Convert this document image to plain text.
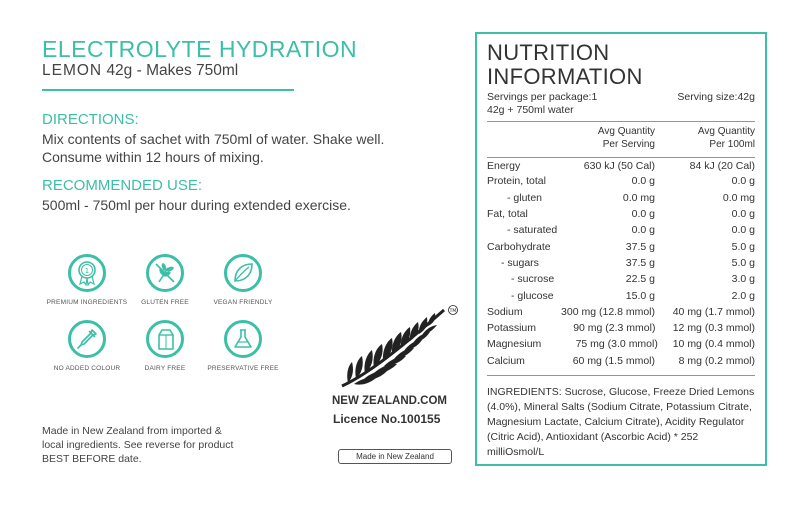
ELECTROLYTE HYDRATION
LEMON 42g - Makes 750ml
DIRECTIONS:
Mix contents of sachet with 750ml of water. Shake well.
Consume within 12 hours of mixing.
RECOMMENDED USE:
500ml - 750ml per hour during extended exercise.
1
PREMIUM INGREDIENTS	GLUTEN FREE	VEGAN FRIENDLY
NO ADDED COLOUR	DAIRY FREE	PRESERVATIVE FREE
Made in New Zealand from imported &
local ingredients. See reverse for product
BEST BEFORE date.
TM
NEW ZEALAND.COM
Licence No.100155
Made in New Zealand
NUTRITION INFORMATION
Servings per package:1	Serving size:42g
42g + 750ml water
Avg Quantity
Per Serving
Avg Quantity
Per 100ml
Energy	630 kJ (50 Cal)	84 kJ (20 Cal)
Protein, total	0.0 g	0.0 g
- gluten	0.0 mg	0.0 mg
Fat, total	0.0 g	0.0 g
- saturated	0.0 g	0.0 g
Carbohydrate	37.5 g	5.0 g
- sugars	37.5 g	5.0 g
- sucrose	22.5 g	3.0 g
- glucose	15.0 g	2.0 g
Sodium	300 mg (12.8 mmol)	40 mg (1.7 mmol)
Potassium	90 mg (2.3 mmol)	12 mg (0.3 mmol)
Magnesium	75 mg (3.0 mmol)	10 mg (0.4 mmol)
Calcium	60 mg (1.5 mmol)	8 mg (0.2 mmol)
INGREDIENTS: Sucrose, Glucose, Freeze Dried Lemons (4.0%), Mineral Salts (Sodium Citrate, Potassium Citrate, Magnesium Lactate, Calcium Citrate), Acidity Regulator (Citric Acid), Antioxidant (Ascorbic Acid) * 252 milliOsmol/L
